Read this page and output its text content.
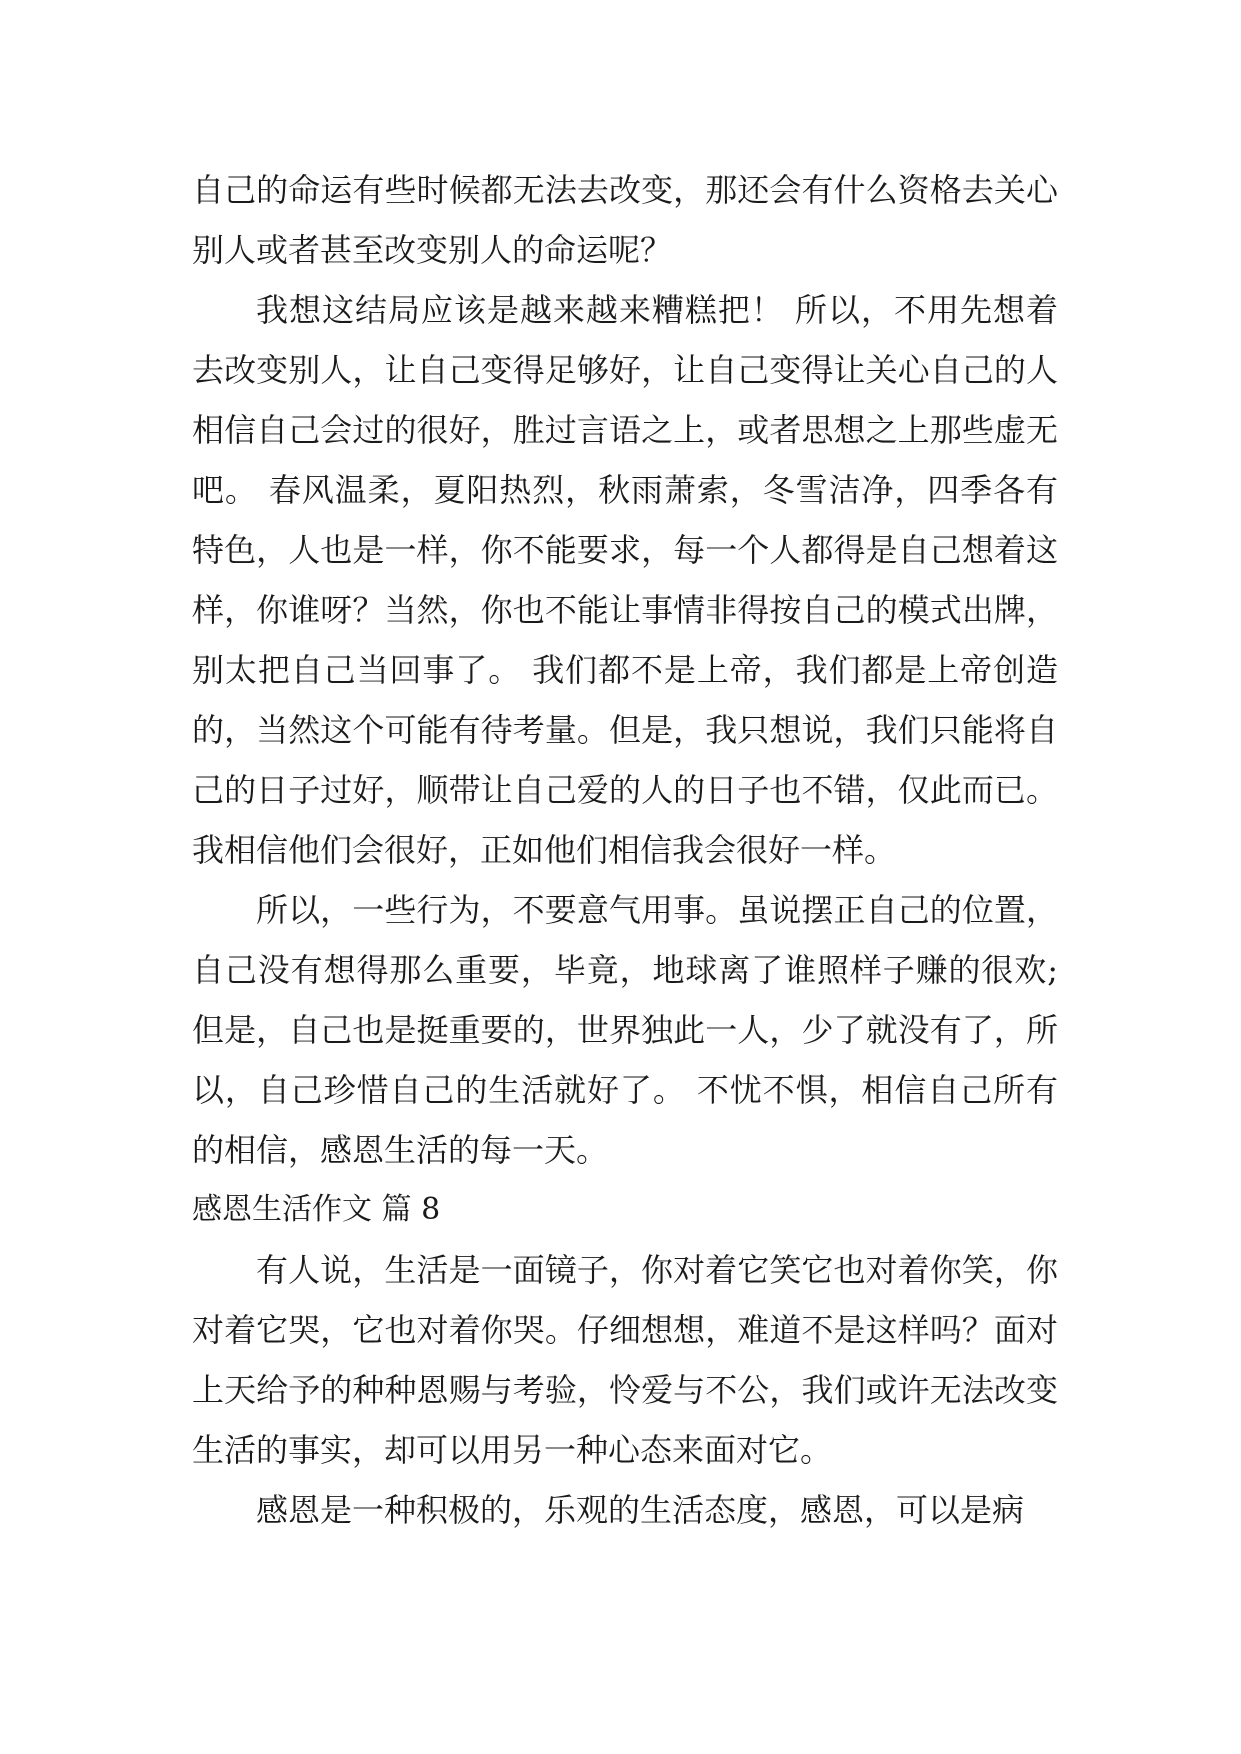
自己的命运有些时候都无法去改变，那还会有什么资格去关心别人或者甚至改变别人的命运呢？

我想这结局应该是越来越来糟糕把！ 所以，不用先想着去改变别人，让自己变得足够好，让自己变得让关心自己的人相信自己会过的很好，胜过言语之上，或者思想之上那些虚无吧。 春风温柔，夏阳热烈，秋雨萧索，冬雪洁净，四季各有特色，人也是一样，你不能要求，每一个人都得是自己想着这样，你谁呀？当然，你也不能让事情非得按自己的模式出牌，别太把自己当回事了。 我们都不是上帝，我们都是上帝创造的，当然这个可能有待考量。但是，我只想说，我们只能将自己的日子过好，顺带让自己爱的人的日子也不错，仅此而已。 我相信他们会很好，正如他们相信我会很好一样。

所以，一些行为，不要意气用事。虽说摆正自己的位置，自己没有想得那么重要，毕竟，地球离了谁照样子赚的很欢;但是，自己也是挺重要的，世界独此一人，少了就没有了，所以，自己珍惜自己的生活就好了。 不忧不惧，相信自己所有的相信，感恩生活的每一天。

感恩生活作文 篇 8

有人说，生活是一面镜子，你对着它笑它也对着你笑，你对着它哭，它也对着你哭。仔细想想，难道不是这样吗？面对上天给予的种种恩赐与考验，怜爱与不公，我们或许无法改变生活的事实，却可以用另一种心态来面对它。

感恩是一种积极的，乐观的生活态度，感恩，可以是病
